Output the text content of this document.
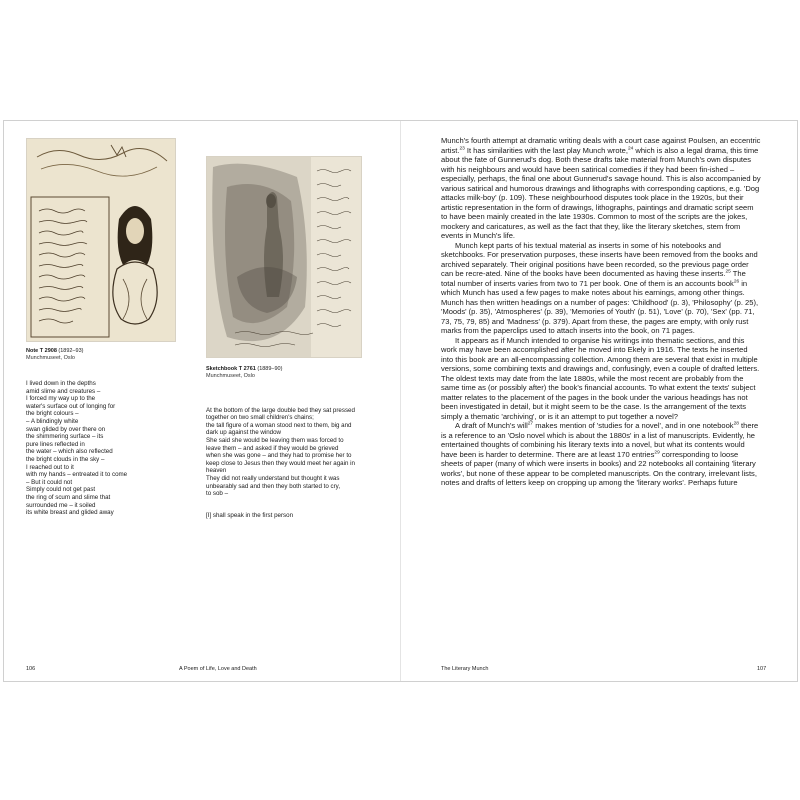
Note T 2908 (1892–93)
Munchmuseet, Oslo
Sketchbook T 2761 (1889–90)
Munchmuseet, Oslo
I lived down in the depths
amid slime and creatures –
I forced my way up to the
water's surface out of longing for
the bright colours –
– A blindingly white
swan glided by over there on
the shimmering surface – its
pure lines reflected in
the water – which also reflected
the bright clouds in the sky –
I reached out to it
with my hands – entreated it to come
– But it could not
Simply could not get past
the ring of scum and slime that
surrounded me – it soiled
its white breast and glided away

At the bottom of the large double bed they sat pressed
together on two small children's chains;
the tall figure of a woman stood next to them, big and
dark up against the window
She said she would be leaving them was forced to
leave them – and asked if they would be grieved
when she was gone – and they had to promise her to
keep close to Jesus then they would meet her again in
heaven
They did not really understand but thought it was
unbearably sad and then they both started to cry,
to sob –

[I] shall speak in the first person

106	A Poem of Life, Love and Death

Munch's fourth attempt at dramatic writing deals with a court case against Poulsen, an eccentric artist.$^{23}$ It has similarities with the last play Munch wrote,$^{24}$ which is also a legal drama, this time about the fate of Gunnerud's dog. Both these drafts take material from Munch's own disputes with his neighbours and would have been satirical comedies if they had been fin-ished – especially, perhaps, the final one about Gunnerud's savage hound. This is also accompanied by various satirical and humorous drawings and lithographs with corresponding captions, e.g. 'Dog attacks milk-boy' (p. 109). These neighbourhood disputes took place in the 1920s, but their artistic representation in the form of drawings, lithographs, paintings and dramatic script seem to have been mainly created in the late 1930s. Common to most of the scripts are the jokes, mockery and caricatures, as well as the fact that they, like the literary sketches, stem from events in Munch's life.

Munch kept parts of his textual material as inserts in some of his notebooks and sketchbooks. For preservation purposes, these inserts have been removed from the books and archived separately. Their original positions have been recorded, so the previous page order can be recre-ated. Nine of the books have been documented as having these inserts.$^{25}$ The total number of inserts varies from two to 71 per book. One of them is an accounts book$^{26}$ in which Munch has used a few pages to make notes about his earnings, among other things. Munch has then written headings on a number of pages: 'Childhood' (p. 3), 'Philosophy' (p. 25), 'Moods' (p. 35), 'Atmospheres' (p. 39), 'Memories of Youth' (p. 51), 'Love' (p. 70), 'Sex' (pp. 71, 73, 75, 79, 85) and 'Madness' (p. 379). Apart from these, the pages are empty, with only rust marks from the paperclips used to attach inserts into the book, on 71 pages.

It appears as if Munch intended to organise his writings into thematic sections, and this work may have been accomplished after he moved into Ekely in 1916. The texts he inserted into this book are an all-encompassing collection. Among them are several that exist in multiple versions, some combining texts and drawings and, confusingly, even a couple of drafted letters. The oldest texts may date from the late 1880s, while the most recent are probably from the same time as (or possibly after) the book's financial accounts. To what extent the texts' subject matter relates to the placement of the pages in the book under the various headings has not been investigated in detail, but it might seem to be the case. Is the arrangement of the texts simply a thematic 'archiving', or is it an attempt to put together a novel?

A draft of Munch's will$^{27}$ makes mention of 'studies for a novel', and in one notebook$^{28}$ there is a reference to an 'Oslo novel which is about the 1880s' in a list of manuscripts. Evidently, he entertained thoughts of combining his literary texts into a novel, but what its contents would have been is harder to determine. There are at least 170 entries$^{29}$ corresponding to loose sheets of paper (many of which were inserts in books) and 22 notebooks all containing 'literary works', but none of these appear to be completed manuscripts. On the contrary, irrelevant lists, notes and drafts of letters keep on cropping up among the 'literary works'. Perhaps future

The Literary Munch	107
